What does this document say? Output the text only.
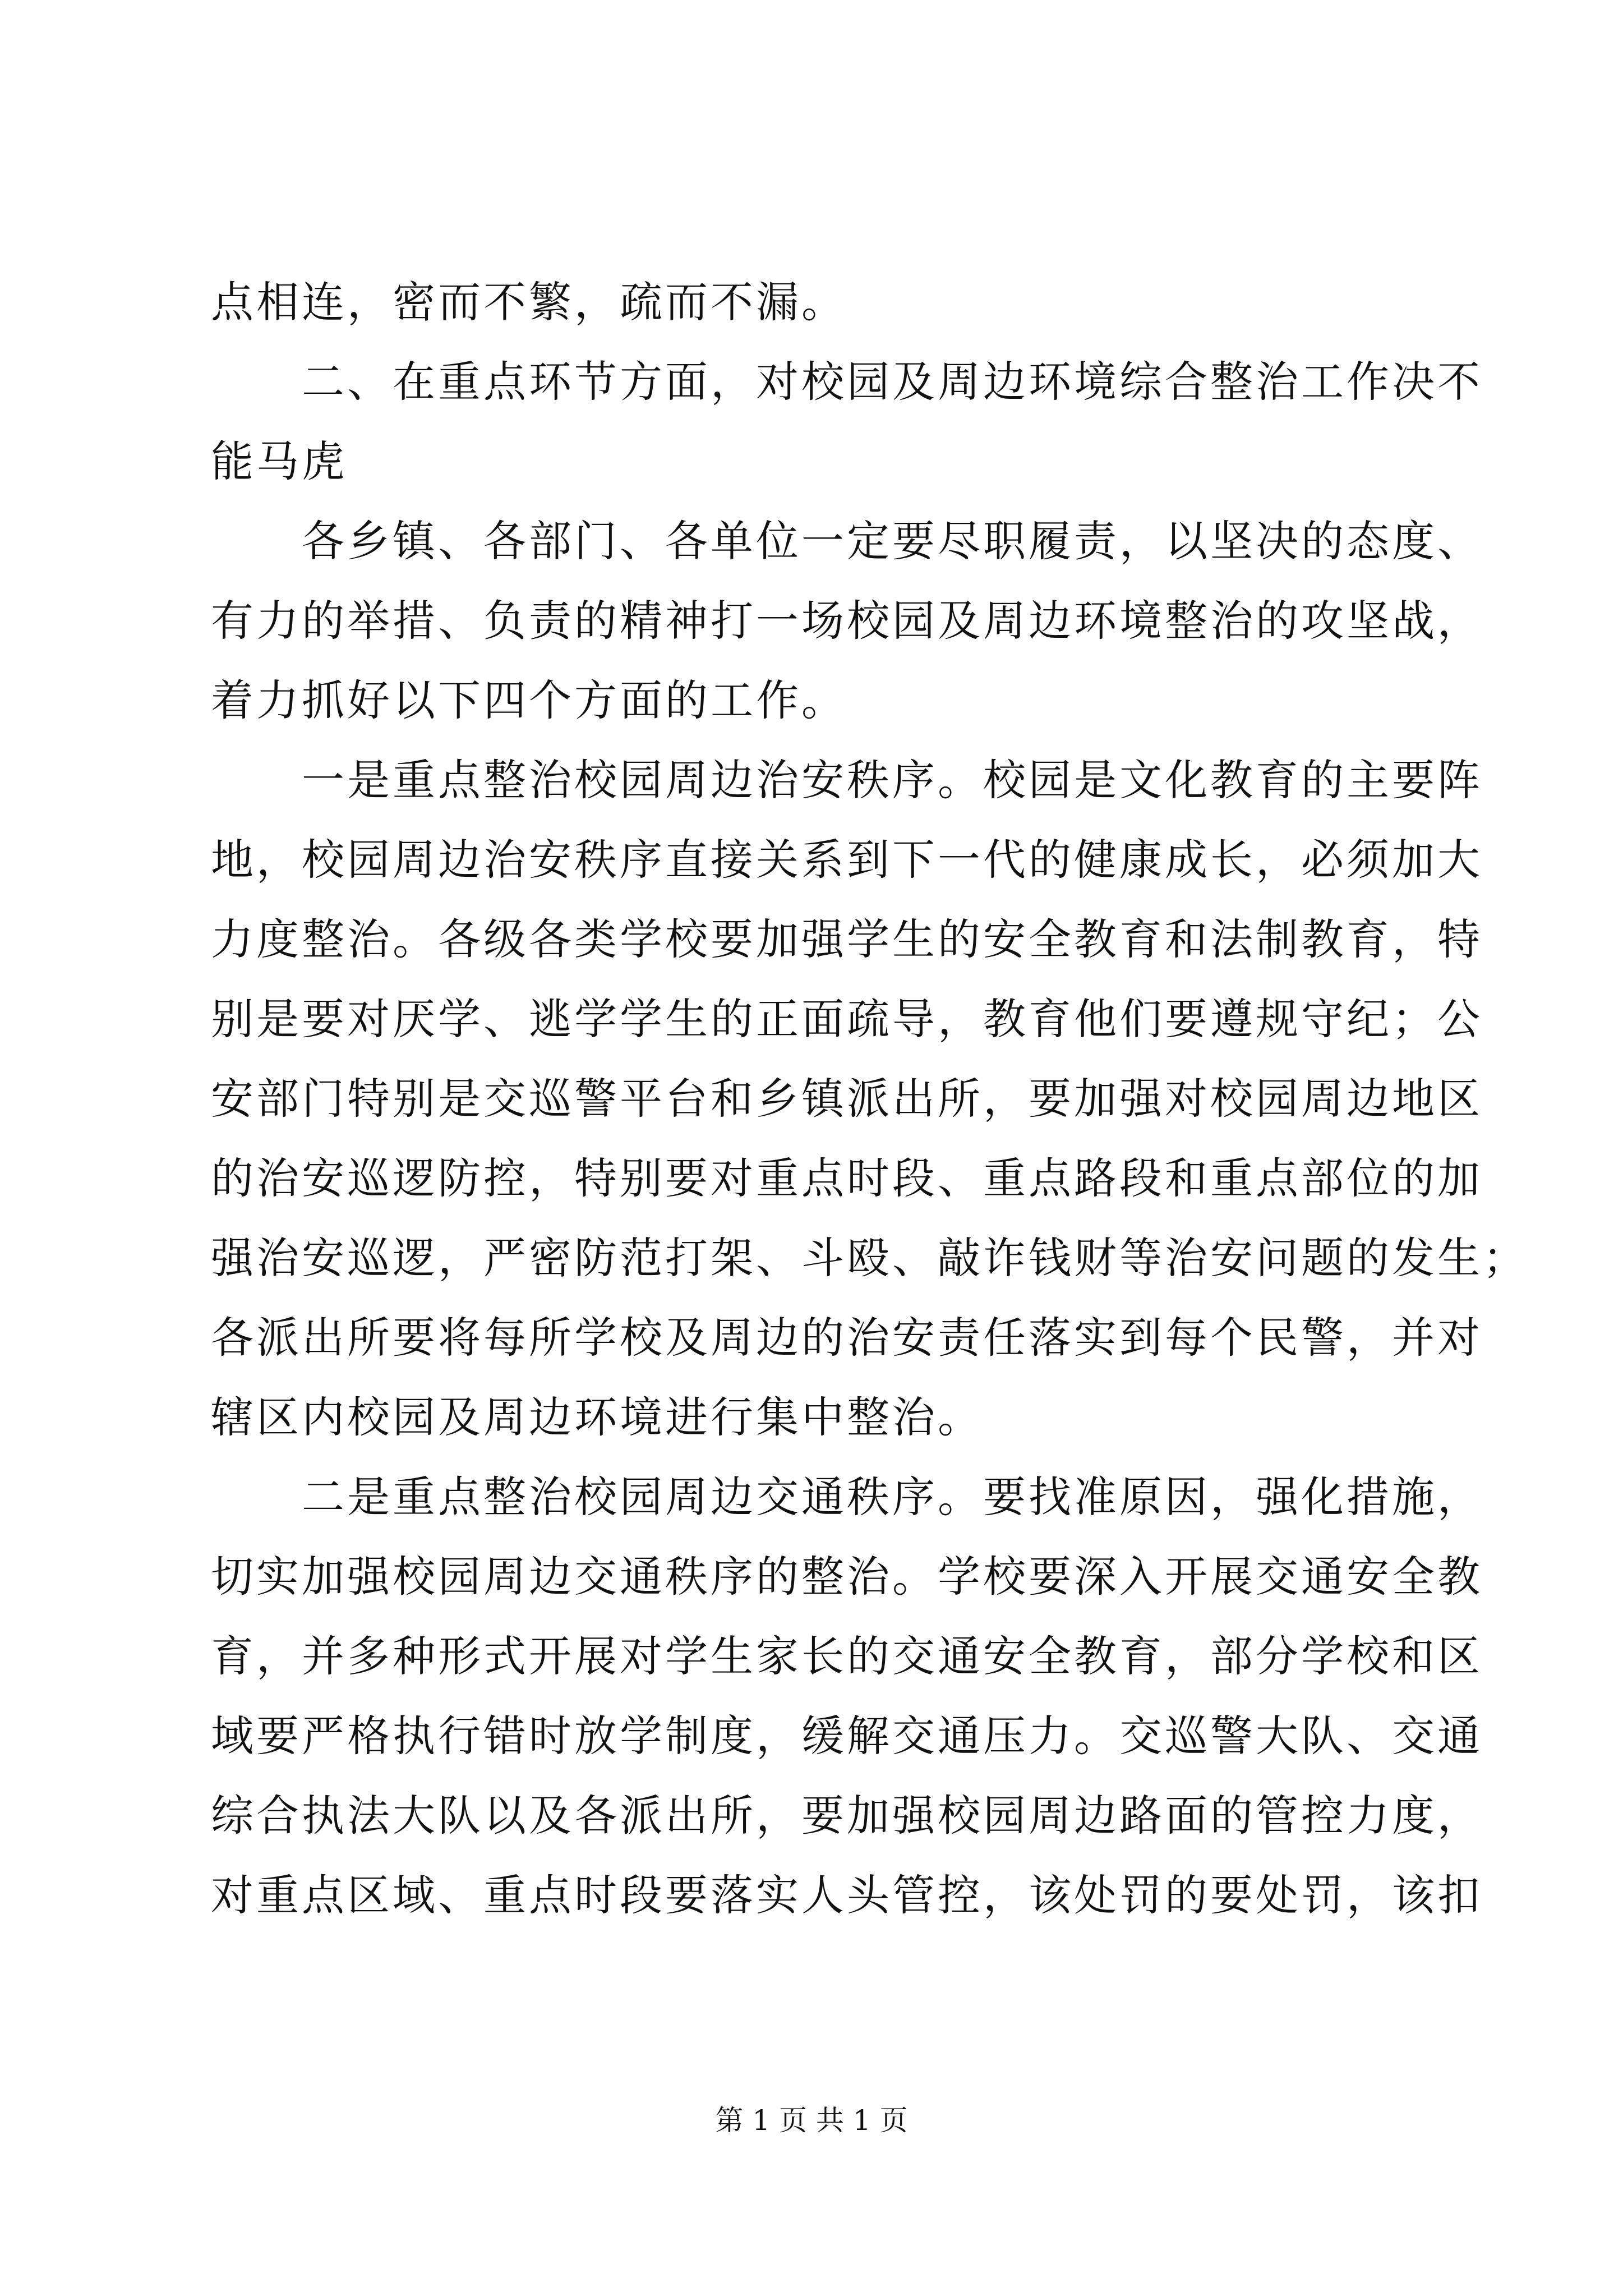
点相连，密而不繁，疏而不漏。
　　二、在重点环节方面，对校园及周边环境综合整治工作决不
能马虎
　　各乡镇、各部门、各单位一定要尽职履责，以坚决的态度、
有力的举措、负责的精神打一场校园及周边环境整治的攻坚战，
着力抓好以下四个方面的工作。
　　一是重点整治校园周边治安秩序。校园是文化教育的主要阵
地，校园周边治安秩序直接关系到下一代的健康成长，必须加大
力度整治。各级各类学校要加强学生的安全教育和法制教育，特
别是要对厌学、逃学学生的正面疏导，教育他们要遵规守纪；公
安部门特别是交巡警平台和乡镇派出所，要加强对校园周边地区
的治安巡逻防控，特别要对重点时段、重点路段和重点部位的加
强治安巡逻，严密防范打架、斗殴、敲诈钱财等治安问题的发生；
各派出所要将每所学校及周边的治安责任落实到每个民警，并对
辖区内校园及周边环境进行集中整治。
　　二是重点整治校园周边交通秩序。要找准原因，强化措施，
切实加强校园周边交通秩序的整治。学校要深入开展交通安全教
育，并多种形式开展对学生家长的交通安全教育，部分学校和区
域要严格执行错时放学制度，缓解交通压力。交巡警大队、交通
综合执法大队以及各派出所，要加强校园周边路面的管控力度，
对重点区域、重点时段要落实人头管控，该处罚的要处罚，该扣
第 1 页 共 1 页
